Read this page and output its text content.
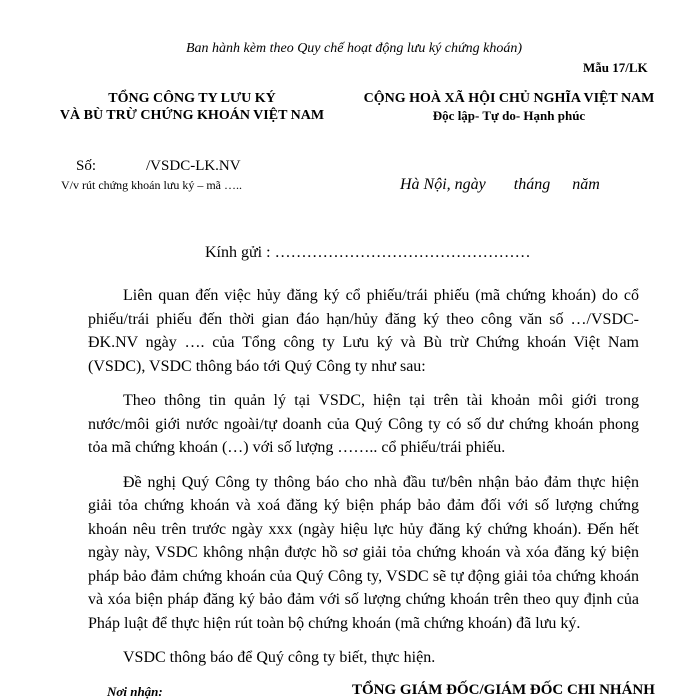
Ban hành kèm theo Quy chế hoạt động lưu ký chứng khoán)
Mẫu 17/LK
TỔNG CÔNG TY LƯU KÝ
VÀ BÙ TRỪ CHỨNG KHOÁN VIỆT NAM
CỘNG HOÀ XÃ HỘI CHỦ NGHĨA VIỆT NAM
Độc lập- Tự do- Hạnh phúc
Số:	/VSDC-LK.NV
V/v rút chứng khoán lưu ký – mã …..	Hà Nội, ngày tháng năm
Kính gửi : …………………………………………

Liên quan đến việc hủy đăng ký cổ phiếu/trái phiếu (mã chứng khoán) do cổ phiếu/trái phiếu đến thời gian đáo hạn/hủy đăng ký theo công văn số …/VSDC-ĐK.NV ngày …. của Tổng công ty Lưu ký và Bù trừ Chứng khoán Việt Nam (VSDC), VSDC thông báo tới Quý Công ty như sau:

Theo thông tin quản lý tại VSDC, hiện tại trên tài khoản môi giới trong nước/môi giới nước ngoài/tự doanh của Quý Công ty có số dư chứng khoán phong tỏa mã chứng khoán (…) với số lượng …….. cổ phiếu/trái phiếu.

Đề nghị Quý Công ty thông báo cho nhà đầu tư/bên nhận bảo đảm thực hiện giải tỏa chứng khoán và xoá đăng ký biện pháp bảo đảm đối với số lượng chứng khoán nêu trên trước ngày xxx (ngày hiệu lực hủy đăng ký chứng khoán). Đến hết ngày này, VSDC không nhận được hồ sơ giải tỏa chứng khoán và xóa đăng ký biện pháp bảo đảm chứng khoán của Quý Công ty, VSDC sẽ tự động giải tỏa chứng khoán và xóa biện pháp đăng ký bảo đảm với số lượng chứng khoán trên theo quy định của Pháp luật để thực hiện rút toàn bộ chứng khoán (mã chứng khoán) đã lưu ký.

VSDC thông báo để Quý công ty biết, thực hiện.

Nơi nhận:	TỔNG GIÁM ĐỐC/GIÁM ĐỐC CHI NHÁNH
